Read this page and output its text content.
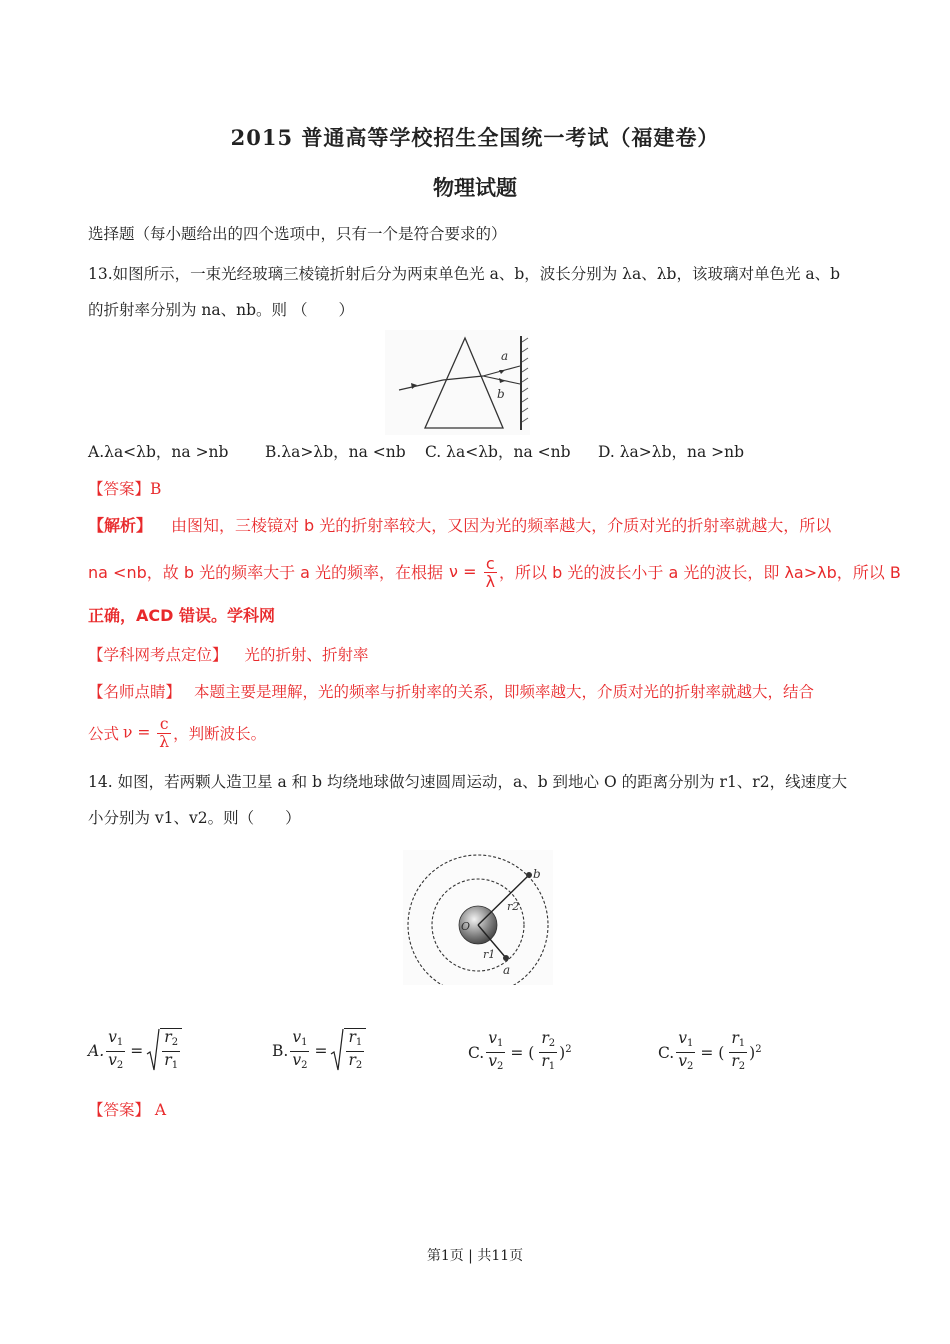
2015 普通高等学校招生全国统一考试（福建卷）
物理试题
选择题（每小题给出的四个选项中，只有一个是符合要求的）
13.如图所示，一束光经玻璃三棱镜折射后分为两束单色光 a、b，波长分别为 λa、λb，该玻璃对单色光 a、b
的折射率分别为 na、nb。则 （　　）
a
b
A.λa<λb，na >nb B.λa>λb，na <nb C. λa<λb，na <nb D. λa>λb，na >nb
【答案】B
【解析】 由图知，三棱镜对 b 光的折射率较大，又因为光的频率越大，介质对光的折射率就越大，所以
na <nb，故 b 光的频率大于 a 光的频率，在根据 $\nu = \frac{c}{\lambda}$ ，所以 b 光的波长小于 a 光的波长，即 λa>λb，所以 B
正确，ACD 错误。学科网
【学科网考点定位】 光的折射、折射率
【名师点睛】 本题主要是理解，光的频率与折射率的关系，即频率越大，介质对光的折射率就越大，结合
公式 $\nu = \frac{c}{\lambda}$ ，判断波长。
14. 如图，若两颗人造卫星 a 和 b 均绕地球做匀速圆周运动，a、b 到地心 O 的距离分别为 r1、r2，线速度大
小分别为 v1、v2。则（　　）
b
a
r2
r1
O
A. $\frac{v_1}{v_2} = \frac{r_2}{r_1}$	B. $\frac{v_1}{v_2} = \frac{r_1}{r_2}$	C. $\frac{v_1}{v_2}$ = ( $\frac{r_2}{r_1} )^2$	C. $\frac{v_1}{v_2}$ = ( $\frac{r_1}{r_2} )^2$
【答案】 A
第1页 | 共11页
